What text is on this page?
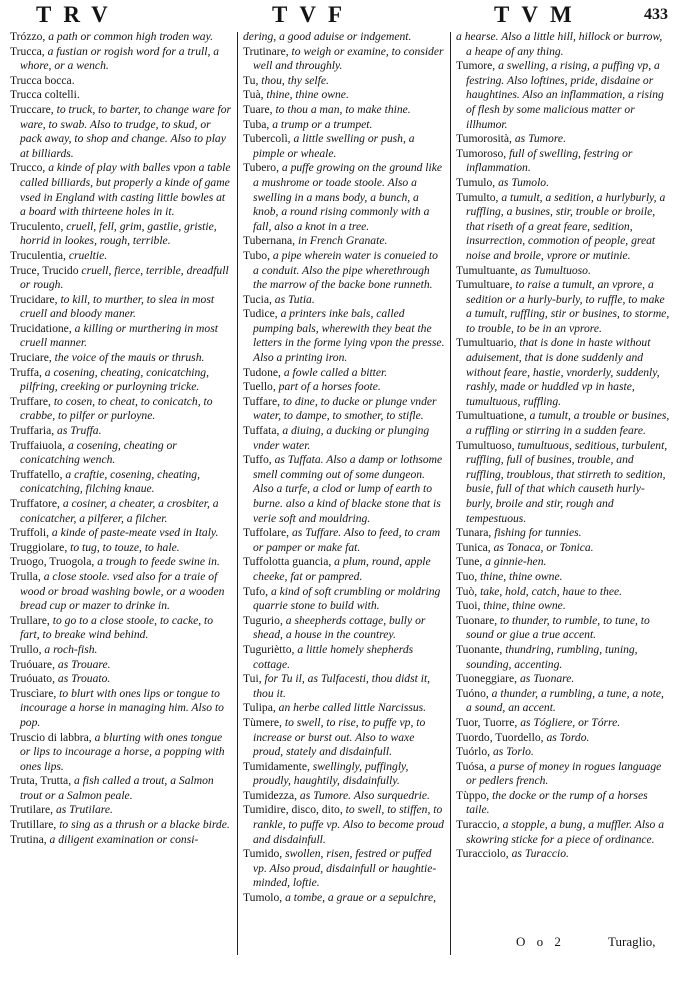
TRV	TVF	TVM	433
Trózzo, a path or common high troden way.
Trucca, a fustian or rogish word for a trull, a whore, or a wench.
Trucca bocca.
Trucca coltelli.
Truccare, to truck, to barter, to change ware for ware, to swab. Also to trudge, to skud, or pack away, to shop and change. Also to play at billiards.
Trucco, a kinde of play with balles vpon a table called billiards, but properly a kinde of game vsed in England with casting little bowles at a board with thirteene holes in it.
Truculento, cruell, fell, grim, gastlie, gristie, horrid in lookes, rough, terrible.
Truculentia, crueltie.
Truce, Trucido cruell, fierce, terrible, dreadfull or rough.
Trucidare, to kill, to murther, to slea in most cruell and bloody maner.
Trucidatione, a killing or murthering in most cruell manner.
Truciare, the voice of the mauis or thrush.
Truffa, a cosening, cheating, conicatching, pilfring, creeking or purloyning tricke.
Truffare, to cosen, to cheat, to conicatch, to crabbe, to pilfer or purloyne.
Truffaria, as Truffa.
Truffaiuola, a cosening, cheating or conicatching wench.
Truffatello, a craftie, cosening, cheating, conicatching, filching knaue.
Truffatore, a cosiner, a cheater, a crosbiter, a conicatcher, a pilferer, a filcher.
Truffoli, a kinde of paste-meate vsed in Italy.
Truggiolare, to tug, to touze, to hale.
Truogo, Truogola, a trough to feede swine in.
Trulla, a close stoole. vsed also for a traie of wood or broad washing bowle, or a wooden bread cup or mazer to drinke in.
Trullare, to go to a close stoole, to cacke, to fart, to breake wind behind.
Trullo, a roch-fish.
Truóuare, as Trouare.
Truóuato, as Trouato.
Truscìare, to blurt with ones lips or tongue to incourage a horse in managing him. Also to pop.
Truscio di labbra, a blurting with ones tongue or lips to incourage a horse, a popping with ones lips.
Truta, Trutta, a fish called a trout, a Salmon trout or a Salmon peale.
Trutilare, as Trutilare.
Trutillare, to sing as a thrush or a blacke birde.
Trutina, a diligent examination or consi-
dering, a good aduise or indgement.
Trutinare, to weigh or examine, to consider well and throughly.
Tu, thou, thy selfe.
Tuà, thine, thine owne.
Tuare, to thou a man, to make thine.
Tuba, a trump or a trumpet.
Tubercolì, a little swelling or push, a pimple or wheale.
Tubero, a puffe growing on the ground like a mushrome or toade stoole. Also a swelling in a mans body, a bunch, a knob, a round rising commonly with a fall, also a knot in a tree.
Tubernana, in French Granate.
Tubo, a pipe wherein water is conueied to a conduit. Also the pipe wherethrough the marrow of the backe bone runneth.
Tucia, as Tutia.
Tudice, a printers inke bals, called pumping bals, wherewith they beat the letters in the forme lying vpon the presse. Also a printing iron.
Tudone, a fowle called a bitter.
Tuello, part of a horses foote.
Tuffare, to dine, to ducke or plunge vnder water, to dampe, to smother, to stifle.
Tuffata, a diuing, a ducking or plunging vnder water.
Tuffo, as Tuffata. Also a damp or lothsome smell comming out of some dungeon. Also a turfe, a clod or lump of earth to burne. also a kind of blacke stone that is verie soft and mouldring.
Tuffolare, as Tuffare. Also to feed, to cram or pamper or make fat.
Tuffolotta guancia, a plum, round, apple cheeke, fat or pampred.
Tufo, a kind of soft crumbling or moldring quarrie stone to build with.
Tugurio, a sheepherds cottage, bully or shead, a house in the countrey.
Tuguriètto, a little homely shepherds cottage.
Tui, for Tu il, as Tulfacesti, thou didst it, thou it.
Tulipa, an herbe called little Narcissus.
Tùmere, to swell, to rise, to puffe vp, to increase or burst out. Also to waxe proud, stately and disdainfull.
Tumidamente, swellingly, puffingly, proudly, haughtily, disdainfully.
Tumidezza, as Tumore. Also surquedrie.
Tumidire, disco, dito, to swell, to stiffen, to rankle, to puffe vp. Also to become proud and disdainfull.
Tumido, swollen, risen, festred or puffed vp. Also proud, disdainfull or haughtie-minded, loftie.
Tumolo, a tombe, a graue or a sepulchre,
a hearse. Also a little hill, hillock or burrow, a heape of any thing.
Tumore, a swelling, a rising, a puffing vp, a festring. Also loftines, pride, disdaine or haughtines. Also an inflammation, a rising of flesh by some malicious matter or illhumor.
Tumorosità, as Tumore.
Tumoroso, full of swelling, festring or inflammation.
Tumulo, as Tumolo.
Tumulto, a tumult, a sedition, a hurlyburly, a ruffling, a busines, stir, trouble or broile, that riseth of a great feare, sedition, insurrection, commotion of people, great noise and broile, vprore or mutinie.
Tumultuante, as Tumultuoso.
Tumultuare, to raise a tumult, an vprore, a sedition or a hurly-burly, to ruffle, to make a tumult, ruffling, stir or busines, to storme, to trouble, to be in an vprore.
Tumultuario, that is done in haste without aduisement, that is done suddenly and without feare, hastie, vnorderly, suddenly, rashly, made or huddled vp in haste, tumultuous, ruffling.
Tumultuatione, a tumult, a trouble or busines, a ruffling or stirring in a sudden feare.
Tumultuoso, tumultuous, seditious, turbulent, ruffling, full of busines, trouble, and ruffling, troublous, that stirreth to sedition, busie, full of that which causeth hurly-burly, broile and stir, rough and tempestuous.
Tunara, fishing for tunnies.
Tunica, as Tonaca, or Tonica.
Tune, a ginnie-hen.
Tuo, thine, thine owne.
Tuò, take, hold, catch, haue to thee.
Tuoi, thine, thine owne.
Tuonare, to thunder, to rumble, to tune, to sound or giue a true accent.
Tuonante, thundring, rumbling, tuning, sounding, accenting.
Tuoneggiare, as Tuonare.
Tuóno, a thunder, a rumbling, a tune, a note, a sound, an accent.
Tuor, Tuorre, as Tógliere, or Tórre.
Tuordo, Tuordello, as Tordo.
Tuórlo, as Torlo.
Tuósa, a purse of money in rogues language or pedlers french.
Tùppo, the docke or the rump of a horses taile.
Turaccio, a stopple, a bung, a muffler. Also a skowring sticke for a piece of ordinance.
Turacciolo, as Turaccio.
O o 2	Turaglio,
